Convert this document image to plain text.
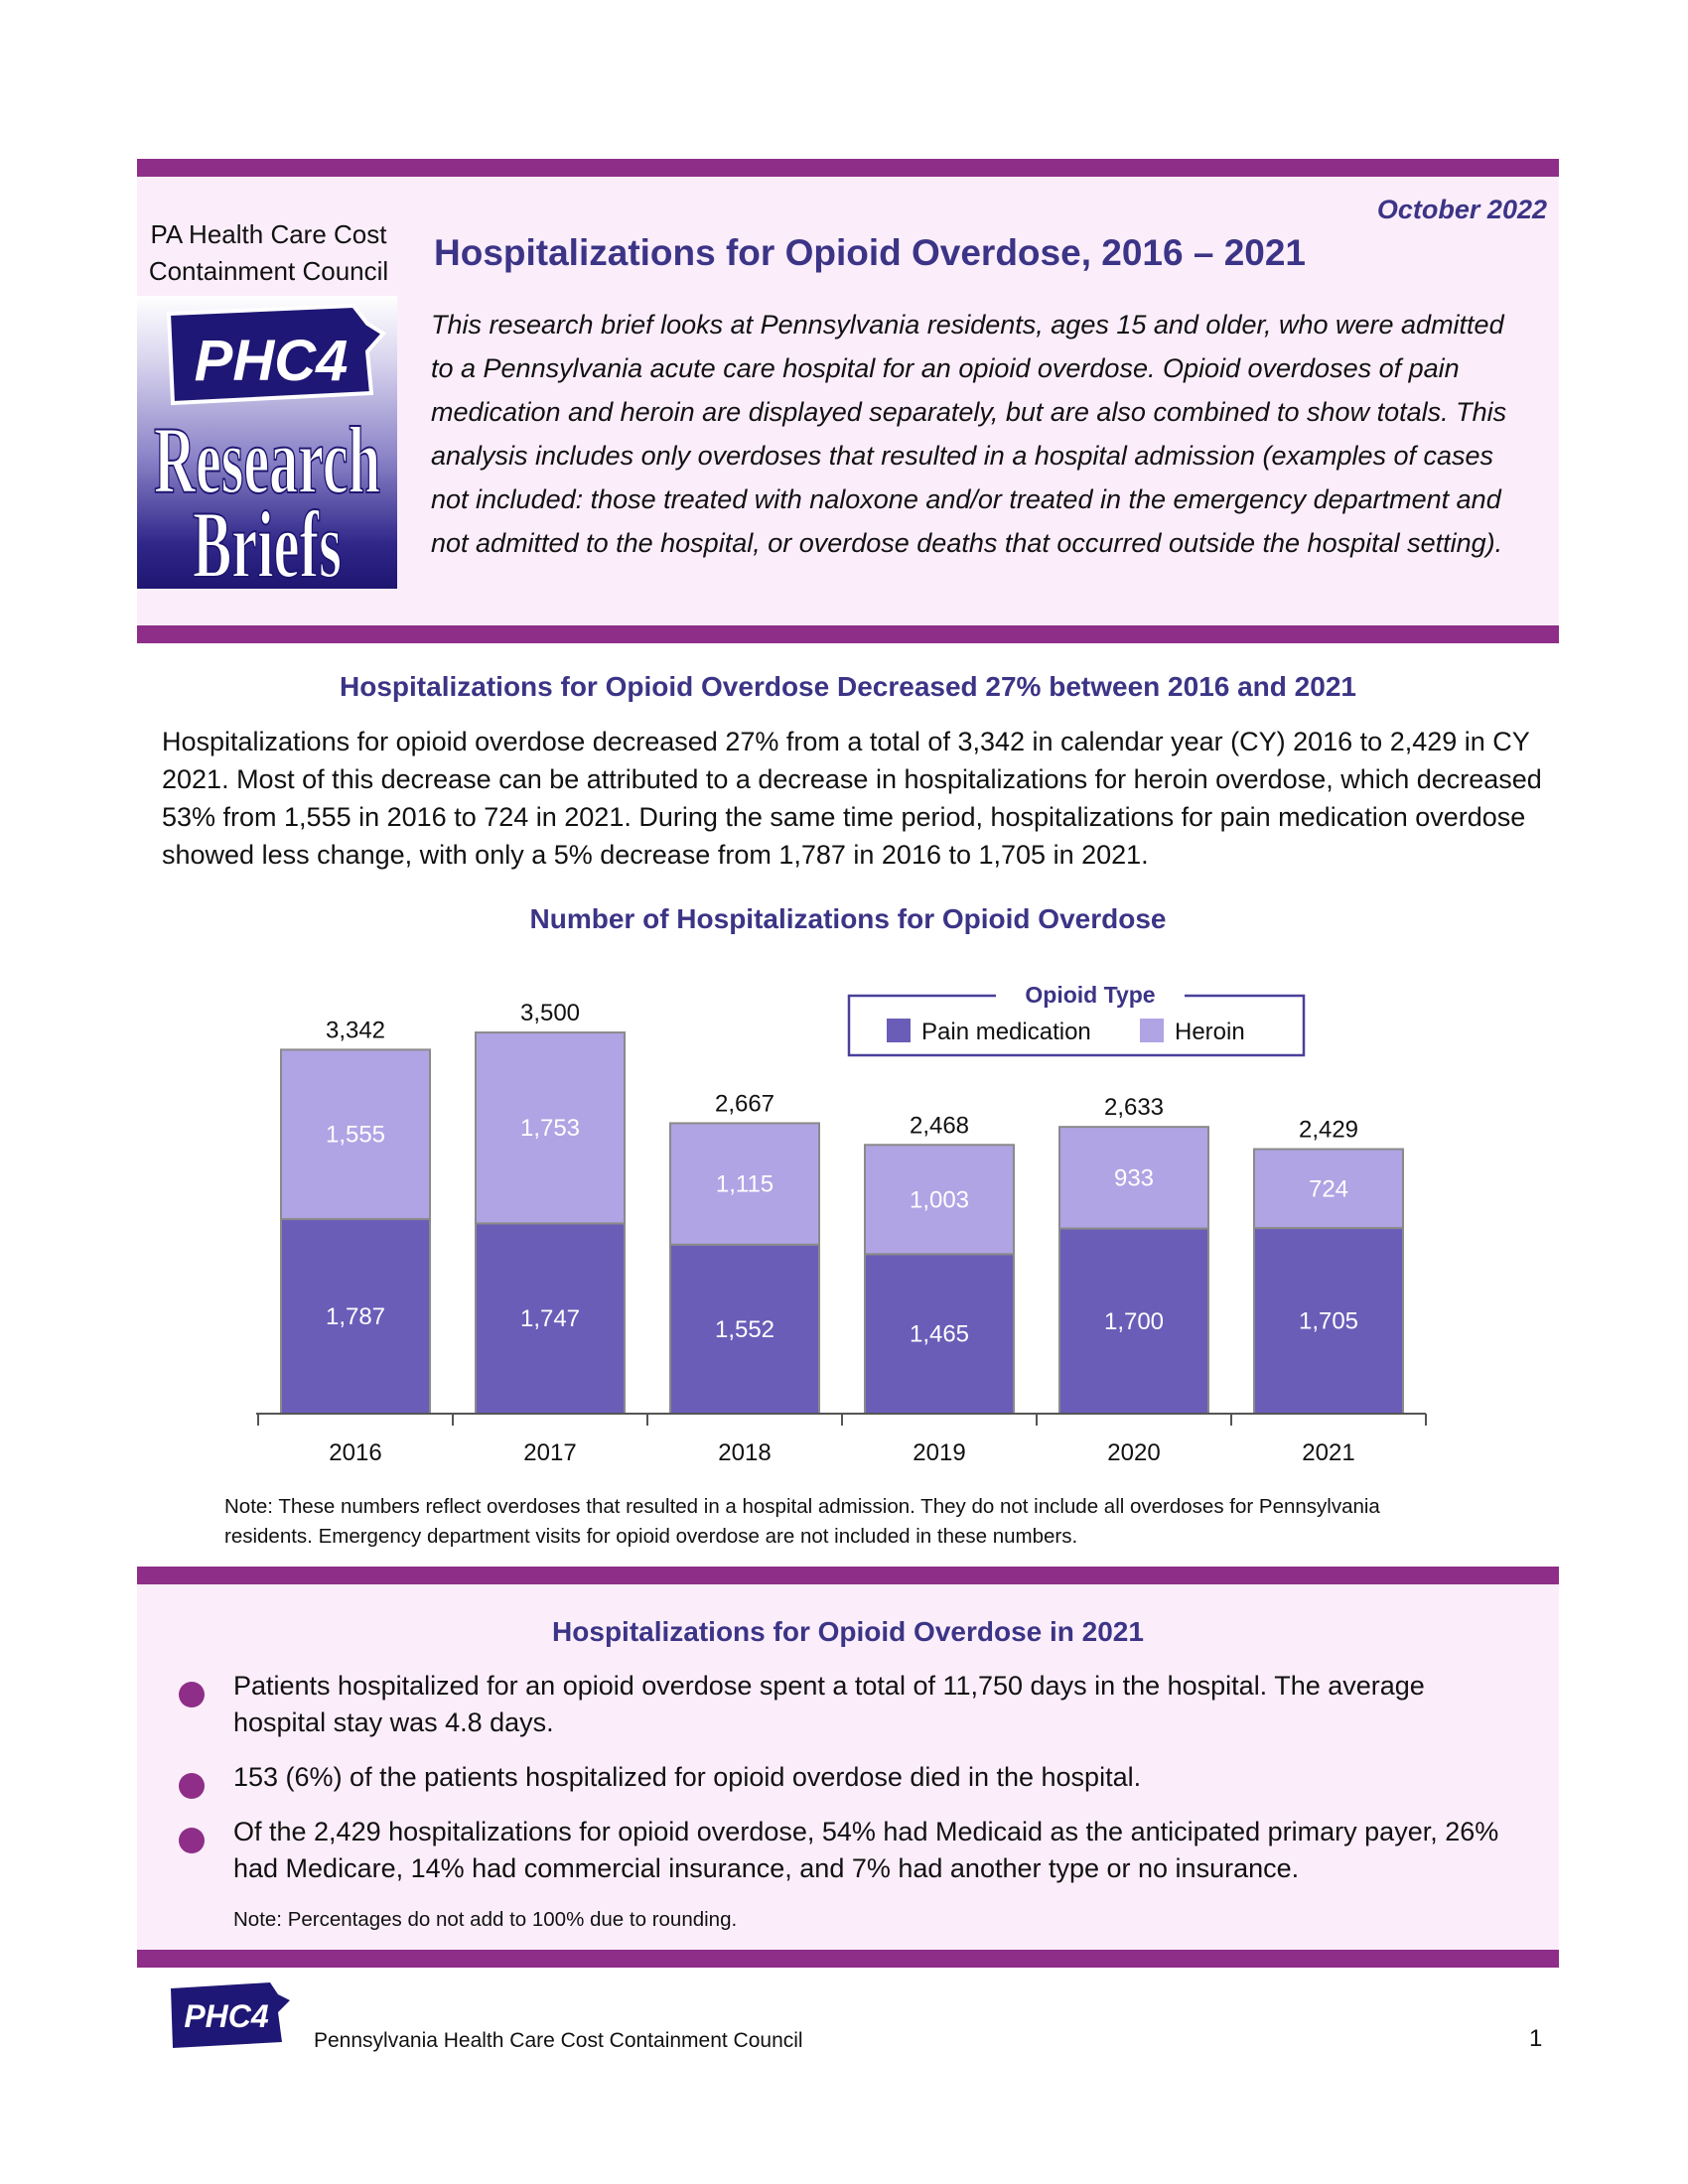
PA Health Care Cost Containment Council
PHC4
Research
Briefs
October 2022
Hospitalizations for Opioid Overdose, 2016 – 2021
This research brief looks at Pennsylvania residents, ages 15 and older, who were admitted to a Pennsylvania acute care hospital for an opioid overdose. Opioid overdoses of pain medication and heroin are displayed separately, but are also combined to show totals. This analysis includes only overdoses that resulted in a hospital admission (examples of cases not included: those treated with naloxone and/or treated in the emergency department and not admitted to the hospital, or overdose deaths that occurred outside the hospital setting).
Hospitalizations for Opioid Overdose Decreased 27% between 2016 and 2021
Hospitalizations for opioid overdose decreased 27% from a total of 3,342 in calendar year (CY) 2016 to 2,429 in CY 2021. Most of this decrease can be attributed to a decrease in hospitalizations for heroin overdose, which decreased 53% from 1,555 in 2016 to 724 in 2021. During the same time period, hospitalizations for pain medication overdose showed less change, with only a 5% decrease from 1,787 in 2016 to 1,705 in 2021.
Number of Hospitalizations for Opioid Overdose
1,787
1,555
3,342
1,747
1,753
3,500
1,552
1,115
2,667
1,465
1,003
2,468
1,700
933
2,633
1,705
724
2,429
2016	2017	2018	2019	2020	2021
Opioid Type
Pain medication	Heroin
Note: These numbers reflect overdoses that resulted in a hospital admission. They do not include all overdoses for Pennsylvania residents. Emergency department visits for opioid overdose are not included in these numbers.
Hospitalizations for Opioid Overdose in 2021
Patients hospitalized for an opioid overdose spent a total of 11,750 days in the hospital. The average hospital stay was 4.8 days.
153 (6%) of the patients hospitalized for opioid overdose died in the hospital.
Of the 2,429 hospitalizations for opioid overdose, 54% had Medicaid as the anticipated primary payer, 26% had Medicare, 14% had commercial insurance, and 7% had another type or no insurance.
Note: Percentages do not add to 100% due to rounding.
PHC4
Pennsylvania Health Care Cost Containment Council	1
